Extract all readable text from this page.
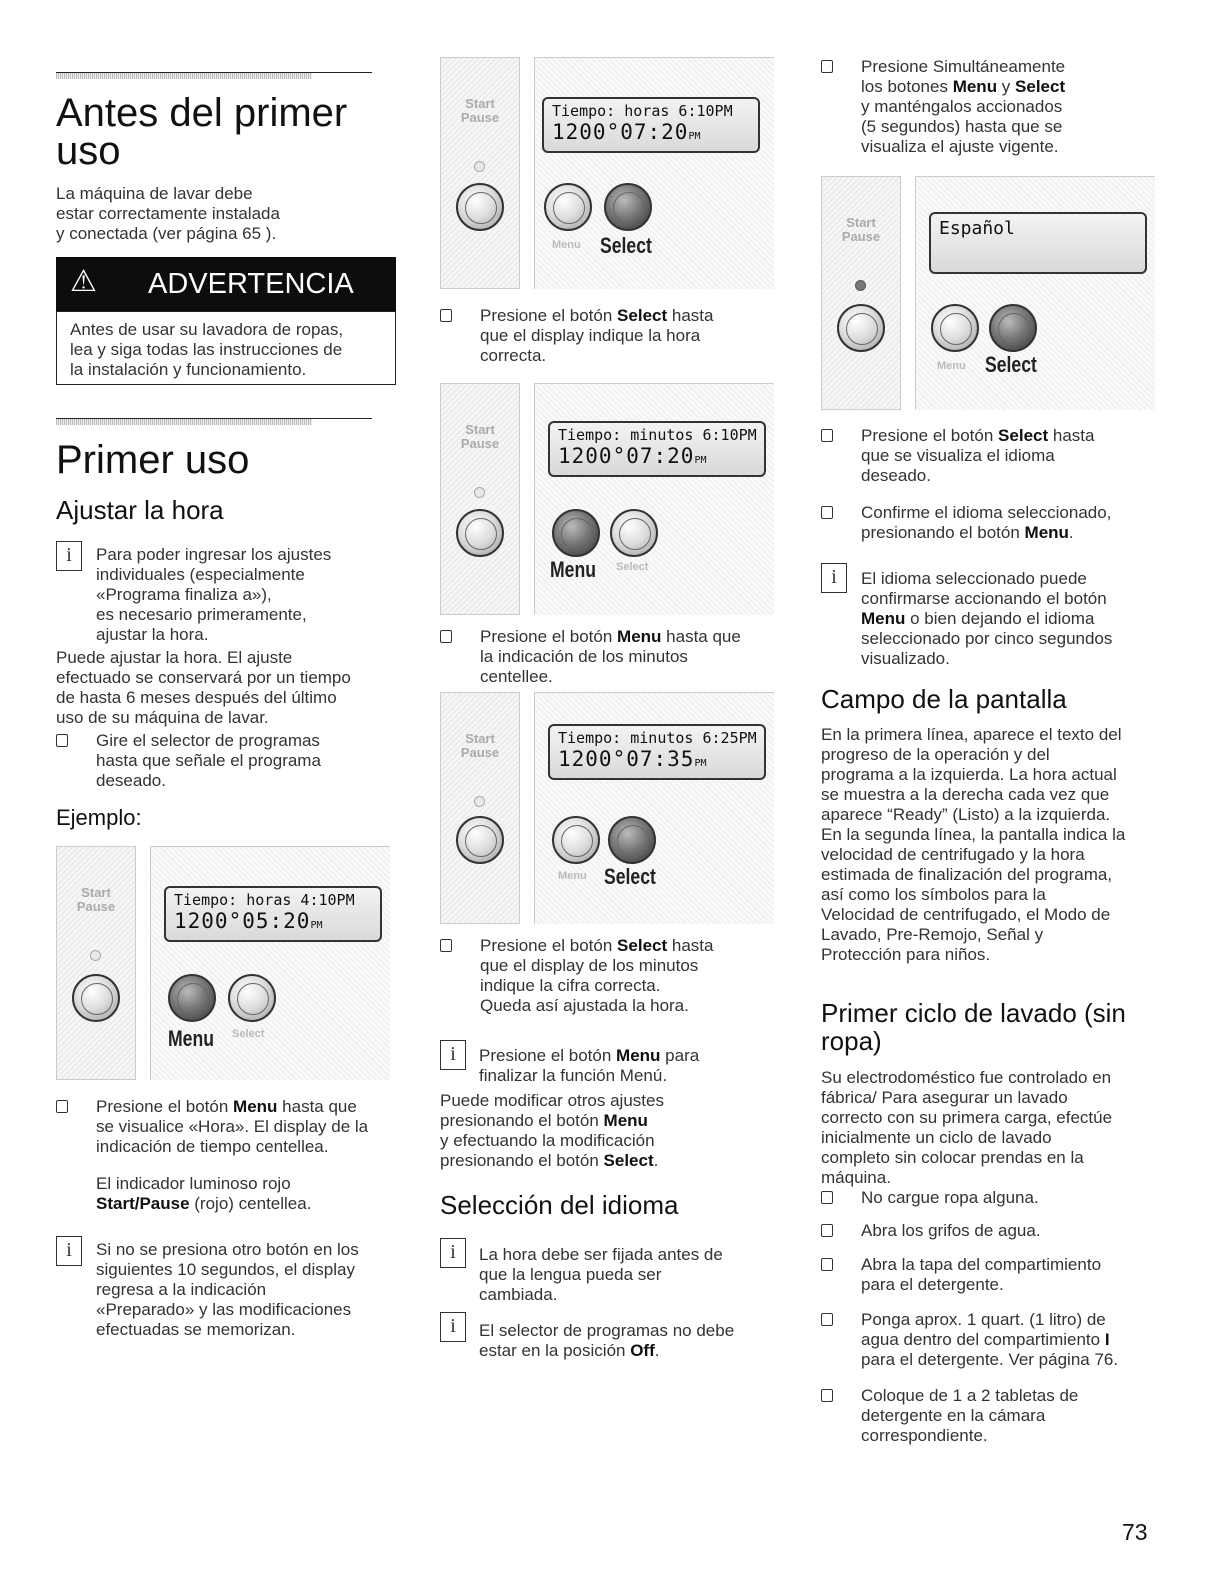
Antes del primer
uso
La máquina de lavar debe
estar correctamente instalada
y conectada (ver página 65 ).
⚠ ADVERTENCIA
Antes de usar su lavadora de ropas,
lea y siga todas las instrucciones de
la instalación y funcionamiento.
Primer uso
Ajustar la hora
i	Para poder ingresar los ajustes
individuales (especialmente
«Programa finaliza a»),
es necesario primeramente,
ajustar la hora.
Puede ajustar la hora. El ajuste
efectuado se conservará por un tiempo
de hasta 6 meses después del último
uso de su máquina de lavar.
Gire el selector de programas
hasta que señale el programa
deseado.
Ejemplo:
Start
Pause	Tiempo: horas 4:10PM
1200°05:20PM
Menu Select
Presione el botón Menu hasta que
se visualice «Hora». El display de la
indicación de tiempo centellea.
El indicador luminoso rojo
Start/Pause (rojo) centellea.
i	Si no se presiona otro botón en los
siguientes 10 segundos, el display
regresa a la indicación
«Preparado» y las modificaciones
efectuadas se memorizan.
Start
Pause	Tiempo: horas 6:10PM
1200°07:20PM
Menu Select
Presione el botón Select hasta
que el display indique la hora
correcta.
Start
Pause	Tiempo: minutos 6:10PM
1200°07:20PM
Menu Select
Presione el botón Menu hasta que
la indicación de los minutos
centellee.
Start
Pause
Tiempo: minutos 6:25PM
1200°07:35PM
Menu Select
Presione el botón Select hasta
que el display de los minutos
indique la cifra correcta.
Queda así ajustada la hora.
i	Presione el botón Menu para
finalizar la función Menú.
Puede modificar otros ajustes
presionando el botón Menu
y efectuando la modificación
presionando el botón Select.
Selección del idioma
i	La hora debe ser fijada antes de
que la lengua pueda ser
cambiada.
i	El selector de programas no debe
estar en la posición Off.
Presione Simultáneamente
los botones Menu y Select
y manténgalos accionados
(5 segundos) hasta que se
visualiza el ajuste vigente.
Start
Pause	Español
Menu Select
Presione el botón Select hasta
que se visualiza el idioma
deseado.
Confirme el idioma seleccionado,
presionando el botón Menu.
i	El idioma seleccionado puede
confirmarse accionando el botón
Menu o bien dejando el idioma
seleccionado por cinco segundos
visualizado.
Campo de la pantalla
En la primera línea, aparece el texto del
progreso de la operación y del
programa a la izquierda. La hora actual
se muestra a la derecha cada vez que
aparece “Ready” (Listo) a la izquierda.
En la segunda línea, la pantalla indica la
velocidad de centrifugado y la hora
estimada de finalización del programa,
así como los símbolos para la
Velocidad de centrifugado, el Modo de
Lavado, Pre-Remojo, Señal y
Protección para niños.
Primer ciclo de lavado (sin
ropa)
Su electrodoméstico fue controlado en
fábrica/ Para asegurar un lavado
correcto con su primera carga, efectúe
inicialmente un ciclo de lavado
completo sin colocar prendas en la
máquina.
No cargue ropa alguna.
Abra los grifos de agua.
Abra la tapa del compartimiento
para el detergente.
Ponga aprox. 1 quart. (1 litro) de
agua dentro del compartimiento I
para el detergente. Ver página 76.
Coloque de 1 a 2 tabletas de
detergente en la cámara
correspondiente.
73
